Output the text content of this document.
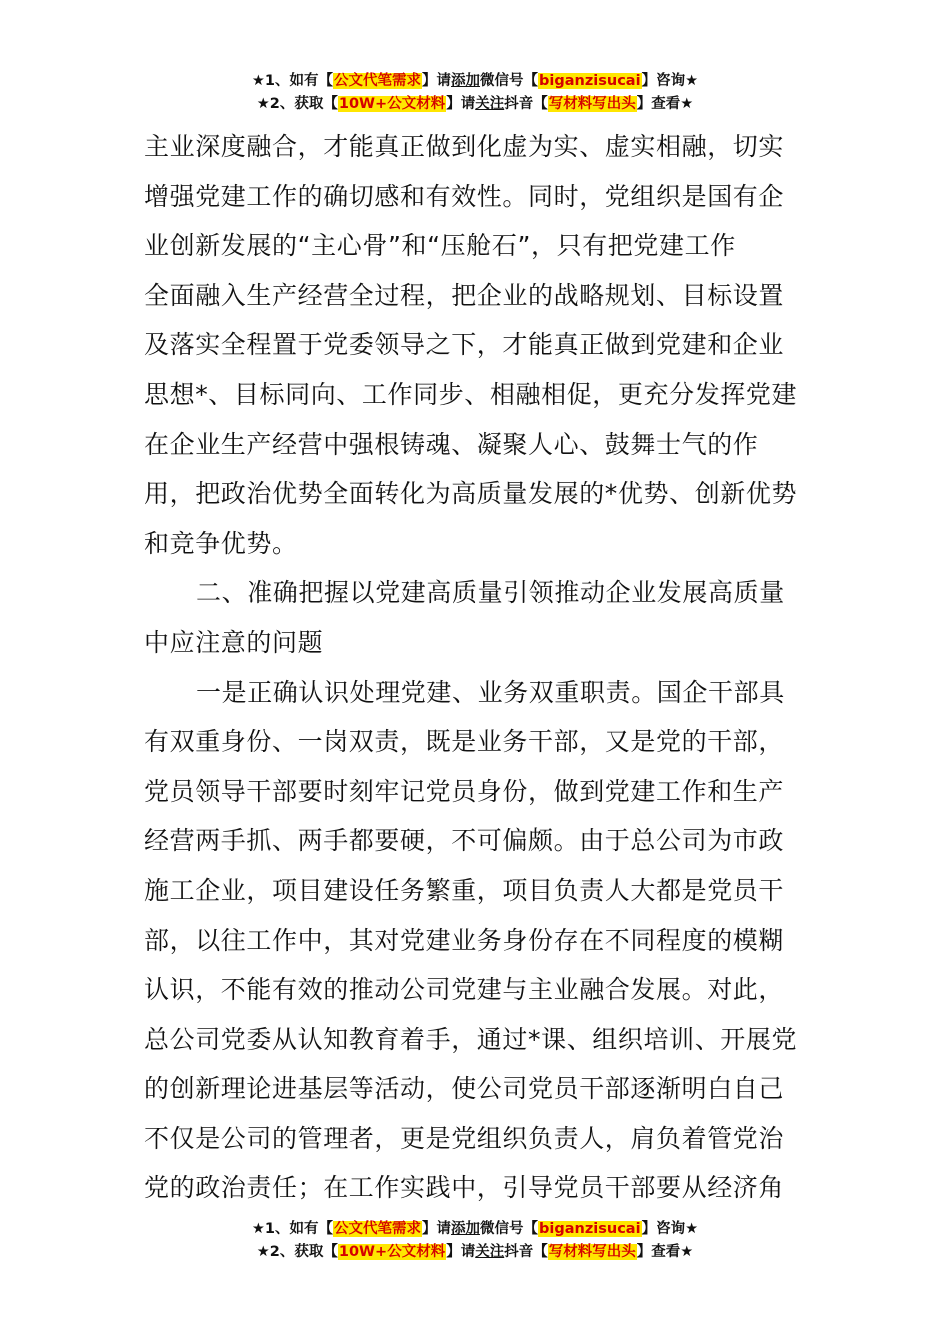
★1、如有【公文代笔需求】请添加微信号【biganzisucai】咨询★
★2、获取【10W+公文材料】请关注抖音【写材料写出头】查看★

主业深度融合，才能真正做到化虚为实、虚实相融，切实

增强党建工作的确切感和有效性。同时，党组织是国有企

业创新发展的“主心骨”和“压舱石”，只有把党建工作

全面融入生产经营全过程，把企业的战略规划、目标设置

及落实全程置于党委领导之下，才能真正做到党建和企业

思想*、目标同向、工作同步、相融相促，更充分发挥党建

在企业生产经营中强根铸魂、凝聚人心、鼓舞士气的作

用，把政治优势全面转化为高质量发展的*优势、创新优势

和竞争优势。

二、准确把握以党建高质量引领推动企业发展高质量

中应注意的问题

一是正确认识处理党建、业务双重职责。国企干部具

有双重身份、一岗双责，既是业务干部，又是党的干部，

党员领导干部要时刻牢记党员身份，做到党建工作和生产

经营两手抓、两手都要硬，不可偏颇。由于总公司为市政

施工企业，项目建设任务繁重，项目负责人大都是党员干

部，以往工作中，其对党建业务身份存在不同程度的模糊

认识，不能有效的推动公司党建与主业融合发展。对此，

总公司党委从认知教育着手，通过*课、组织培训、开展党

的创新理论进基层等活动，使公司党员干部逐渐明白自己

不仅是公司的管理者，更是党组织负责人，肩负着管党治

党的政治责任；在工作实践中，引导党员干部要从经济角

★1、如有【公文代笔需求】请添加微信号【biganzisucai】咨询★
★2、获取【10W+公文材料】请关注抖音【写材料写出头】查看★
